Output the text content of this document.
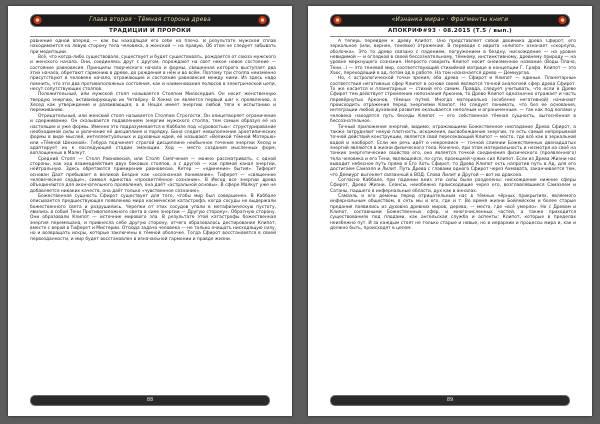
Глава вторая · Тёмная сторона древа
ТРАДИЦИИ И ПРОРОКИ

равнение одной вперёд — как бы находящая его себе на плечо. В результате мужской сплав находимается на левую сторону тела человека, а женской — на правую. Об этом не следует забывать при медитации.

Всё, что когда-либо существовало, существует и будет существовать, рождается от союза мужского и женского начала. Они, соединяясь друг с другом, порождают на свет некое новое состояние — состояние равновесия. Принципы творческого начала и формы, священная которого выступает два этих начала, обретают гармонию в древе, до рождения в нём и во всём. Поэтому три столпа неизменно присутствуют в человеке начало, отражающие и состояние равновесия между ними. Из здесь надо помнить, что эти два противоположных состояния, как и наименования полюсов в электрической цепи, несут сопутствующих столпов.

Положительный, или мужской столп называется Столпом Милосердия. Он носит женственную твердую энергию, активизирующую их Четвёрку. В Хокма он является первый шаг к проявлению, а Хесед как утверждение и развивающая, а в Нецах имеет энергию любой тяги к испытанию и переживанию.

Отрицательный, или женский столп называется Столпом Строгости. Он олицетворяет ограничение и сдерживание. Он сказывается подавлением энергии мужского столпа, тем самым образуя её на настоящие и уже формы. Именно это подразумевается в Каббале под «суровостью»: структурирование необходимой силы и увлечение её дисциплине и порядку. Бина следит невыполнение архетипических формы в виде мыслей, интеллектуальных и духовных идей, её называют «Великой тёмной Матерью» или «Тёмной Шехиной». Гебура подчиняет строгой дисциплине необычное течение энергии Хесед и адаптирует их к последующей стадии эманации. Ход — место создания мысленных форм, воплощенных в Малкут.

Средний Столп — Столп Равновесия, или Столп Смягчения — можно рассматривать, с одной стороны, как ход взаимодействия двух боковых столпов, а с другой — как прямой канал энергии, нейтральную. Здесь обретаются примирение равновесие. Кетер — «единение» бытия». Тиферет основан Даат пребывает в великой Бездне как «осознанная понимание». Тиферет — «священное человеческое сердце», символ единства «просветлённое сознание». В Иесод все энергии древа объединяются для окончательного проявления, она даёт «астральной основы». В сфере Малкут уже не добавляется никаких качеств, она даёт только «чувственное сознание».

Божественная сущность Сфирот существует для того, чтобы мир был совершенен. В Каббале описывается предшествующая появлению мира космическая катастрофа, когда сосуды не выдержали божественного света и разрушились. Черепки от этих сосудов упали в метафизическую пустоту, явились в собой Тени Противоположного света в силе энергии — Другую сторону», Обратную сторону. Они образовали Клипот — источник мирового зла. В результате этой катастрофы божественная энергия перемешана, и привнесла себе другую сторону, отчего образовалось дестирование Клипот, вместе с верой в Тиферет и Мистерии. Отсюда задача человека — не только очищать нисходящую силу, но и возвращать искры, которые заключены в тёмной оболочке. Тогда Сфирот восстановятся в своей первозданности, и мир будет восстановлен в изначальной гармонии и правде жизни.

88
«Изнанка мира» · Фрагменты книги
АПОКРИФ#93 · 08.2015 (Т.5 / вып.)

А теперь перейдём к древу Клипот. Оно представляет собой двойника древа Сфирот, его зеркальное (или, вернее, теневое) отражение. В переводе с иврита «клипот» означает «скорлупа, оболочка». Это то древо связано с падением, погружением в бездну, нисхождение — на уровне невидимой — и оглядкой в своей бессознательному, тёмному, инстинктивному, древнему природу — на уровне меркнущего сознания. Непросто говорить Клипот носит онеизменное название (Воды Плача, Тени...) — это теневой мир, соответствующий стихийной матрице в концепции Г. Графа. Клипот — это Хаос, переходящий в ад, потом ад в работе. На том назначается древо — Демиургов.

Но, с астрологической точки зрения, оба древа — Сфирот и Клипот — единые. Планетарные соответствия негативных сфер Клипот в основе своей являются точной аналогией сфер древа Сфирот. То же касается и планетарных — стихий его самим. Правда, следует учитывать, что если в Древе Сфирот тем действует стремление непознания Арконов, то Древо Клипот однозначно отражает и часть перевёрнутых Арконов, тёмных путей. Иногда материально (особенно негативной) начинают происходить отражения перед энергиями Клипот. Но следует понимать, что без ее основания, интеграции любой духовной развитие оказывается неполным и ограниченным. — так как под копами у человека находятся путь беседы Клипот — его собственная тёмная сущность, вытеснённая в бессознательное.

Точный приложения энергий, видимо, отражающими Божественное ниспадание Древа Сфирот, а также затрудняют некую плотность, искажения, высвобождение энергии, то есть самый непрерывной точной действий конструкции, является свой пересекающий Клипот — место, где всё как в зеркальной водой и наоборот. Если же речь идёт о некроноисе — точной слиянии Божественных двенадцатых энергий являются в жизни физического тела. Конечно, при этом материальность и несмотря на своё на тонкие энергетические свойства его, оно является точкой соединения физического (проявленного) тела человека и его Тени, являющейся, по сути, проекцией чужих сил Клипот. Если из Древа Жизни нас выводит небесное путь прямо в Его Хоть Сфирот, то Древо Клипот есть напротив путь в Ад, для его достигаем Самаэля и Лилит. Путь Древа с главами одного Сфирот через Ахмавата, заканчивается тем, что Демиург выгоняет связанный в ВОД. Слова Лилит и Другой — вот их дракона.

Согласно Каббале, при падении вниз эти силы были разделены: нисхождение нижние сферы Сфирот, Древо Жизни. Сеансы, неизбежно происходящие через его, возглавлявшиеся Самаэлем и Сатаны, падшего в инфернальные области, дух как в анналах.

Самаэль и его демоны перед отрицательным нас в тёмных чёрных прикрытиях, являемого инфернальным обществом, в сеть мы и его, где и т. Во время жизни Бойлейском и более старые предания появились из духовно древних миров, дерева, — место, где «всё умерло». Но с Древом и Клипот, составными Божественных сфер, и многочисленных частей, а также приходится существованиях под плодами, как ангельская служба и аспекты: Клипот, которые в пределах неизбежно пут. И за каждым стоят не только старые и новые, но и иерархии и процессы мира и, как и должно быть, происходят в целом.

89
